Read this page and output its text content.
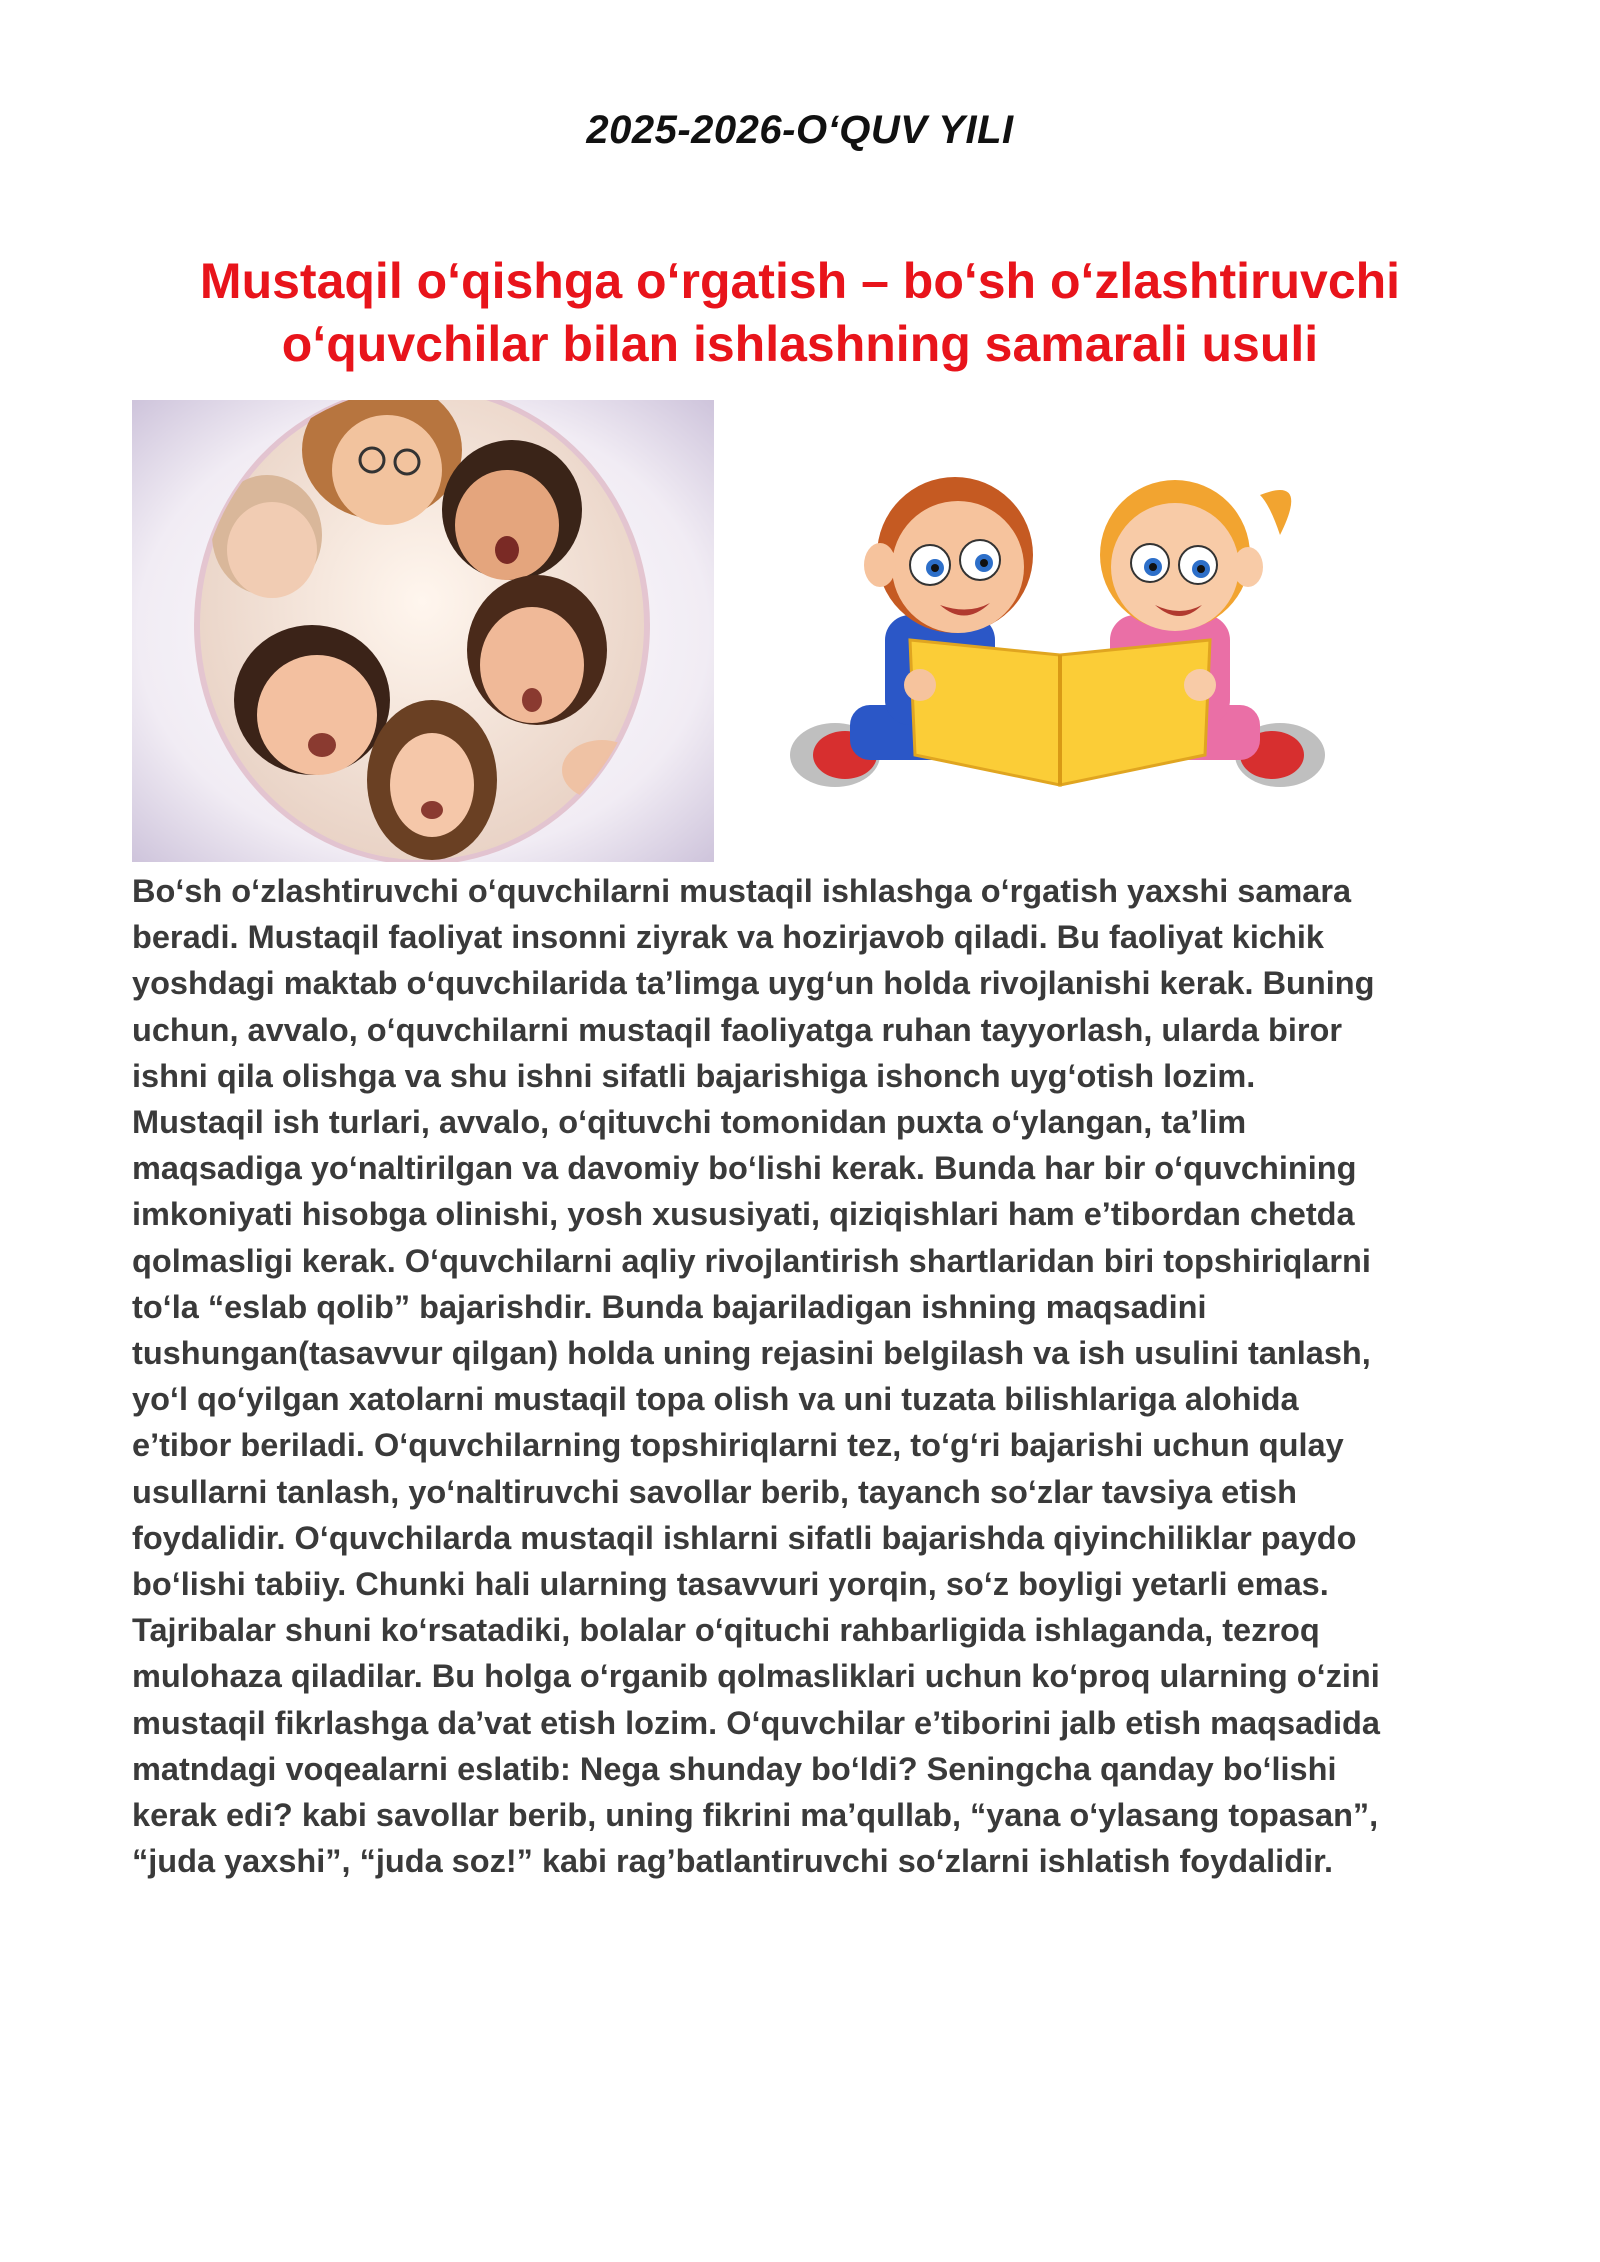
2025-2026-O‘QUV YILI
Mustaqil o‘qishga o‘rgatish – bo‘sh o‘zlashtiruvchi
o‘quvchilar bilan ishlashning samarali usuli

Bo‘sh o‘zlashtiruvchi o‘quvchilarni mustaqil ishlashga o‘rgatish yaxshi samara
beradi. Mustaqil faoliyat insonni ziyrak va hozirjavob qiladi. Bu faoliyat kichik
yoshdagi maktab o‘quvchilarida ta’limga uyg‘un holda rivojlanishi kerak. Buning
uchun, avvalo, o‘quvchilarni mustaqil faoliyatga ruhan tayyorlash, ularda biror
ishni qila olishga va shu ishni sifatli bajarishiga ishonch uyg‘otish lozim.
Mustaqil ish turlari, avvalo, o‘qituvchi tomonidan puxta o‘ylangan, ta’lim
maqsadiga yo‘naltirilgan va davomiy bo‘lishi kerak. Bunda har bir o‘quvchining
imkoniyati hisobga olinishi, yosh xususiyati, qiziqishlari ham e’tibordan chetda
qolmasligi kerak. O‘quvchilarni aqliy rivojlantirish shartlaridan biri topshiriqlarni
to‘la “eslab qolib” bajarishdir. Bunda bajariladigan ishning maqsadini
tushungan(tasavvur qilgan) holda uning rejasini belgilash va ish usulini tanlash,
yo‘l qo‘yilgan xatolarni mustaqil topa olish va uni tuzata bilishlariga alohida
e’tibor beriladi. O‘quvchilarning topshiriqlarni tez, to‘g‘ri bajarishi uchun qulay
usullarni tanlash, yo‘naltiruvchi savollar berib, tayanch so‘zlar tavsiya etish
foydalidir. O‘quvchilarda mustaqil ishlarni sifatli bajarishda qiyinchiliklar paydo
bo‘lishi tabiiy. Chunki hali ularning tasavvuri yorqin, so‘z boyligi yetarli emas.
Tajribalar shuni ko‘rsatadiki, bolalar o‘qituchi rahbarligida ishlaganda, tezroq
mulohaza qiladilar. Bu holga o‘rganib qolmasliklari uchun ko‘proq ularning o‘zini
mustaqil fikrlashga da’vat etish lozim. O‘quvchilar e’tiborini jalb etish maqsadida
matndagi voqealarni eslatib: Nega shunday bo‘ldi? Seningcha qanday bo‘lishi
kerak edi? kabi savollar berib, uning fikrini ma’qullab, “yana o‘ylasang topasan”,
“juda yaxshi”, “juda soz!” kabi rag’batlantiruvchi so‘zlarni ishlatish foydalidir.
